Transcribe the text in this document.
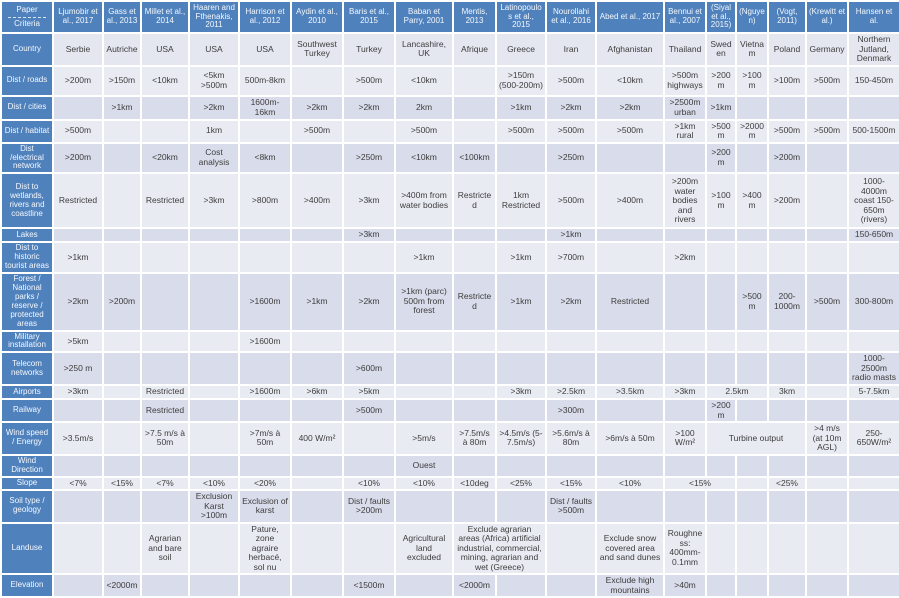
Paper
Criteria	Ljumobir et al., 2017	Gass et al., 2013	Millet et al., 2014	Haaren and Fthenakis, 2011	Harrison et al., 2012	Aydin et al., 2010	Baris et al., 2015	Baban et Parry, 2001	Mentis, 2013	Latinopoulos et al., 2015	Nourollahi et al., 2016	Abed et al., 2017	Bennui et al., 2007	(Siyal et al., 2015)	(Nguyen)	(Vogt, 2011)	(Krewitt et al.)	Hansen et al.
Country	Serbie	Autriche	USA	USA	USA	Southwest Turkey	Turkey	Lancashire, UK	Afrique	Greece	Iran	Afghanistan	Thailand	Sweden	Vietnam	Poland	Germany	Northern Jutland, Denmark
Dist / roads	>200m	>150m	<10km	<5km >500m	500m-8km		>500m	<10km		>150m (500-200m)	>500m	<10km	>500m highways	>200 m	>100m	>100m	>500m	150-450m
Dist / cities		>1km		>2km	1600m-16km	>2km	>2km	2km		>1km	>2km	>2km	>2500m urban	>1km				
Dist / habitat	>500m			1km		>500m		>500m		>500m	>500m	>500m	>1km rural	>500 m	>2000m	>500m	>500m	500-1500m
Dist /electrical network	>200m		<20km	Cost analysis	<8km		>250m	<10km	<100km		>250m			>200 m		>200m		
Dist to wetlands, rivers and coastline	Restricted		Restricted	>3km	>800m	>400m	>3km	>400m from water bodies	Restricted	1km Restricted	>500m	>400m	>200m water bodies and rivers	>100 m	>400m	>200m		1000-4000m coast 150-650m (rivers)
Lakes							>3km				>1km							150-650m
Dist to historic tourist areas	>1km							>1km		>1km	>700m		>2km					
Forest / National parks / reserve / protected areas	>2km	>200m			>1600m	>1km	>2km	>1km (parc) 500m from forest	Restricted	>1km	>2km	Restricted			>500m	200-1000m	>500m	300-800m
Military installation	>5km				>1600m													
Telecom networks	>250 m						>600m											1000-2500m radio masts
Airports	>3km		Restricted		>1600m	>6km	>5km			>3km	>2.5km	>3.5km	>3km	2.5km		3km		5-7.5km
Railway			Restricted				>500m				>300m			>200 m				
Wind speed / Energy	>3.5m/s		>7.5 m/s à 50m		>7m/s à 50m	400 W/m²		>5m/s	>7.5m/s à 80m	>4.5m/s (5-7.5m/s)	>5.6m/s à 80m	>6m/s à 50m	>100 W/m²	Turbine output			>4 m/s (at 10m AGL)	250-650W/m²
Wind Direction								Ouest										
Slope	<7%	<15%	<7%	<10%	<20%		<10%	<10%	<10deg	<25%	<15%	<10%	<15%			<25%		
Soil type / geology				Exclusion Karst >100m	Exclusion of karst		Dist / faults >200m				Dist / faults >500m							
Landuse			Agrarian and bare soil		Pature, zone agraire herbacé, sol nu			Agricultural land excluded	Exclude agrarian areas (Africa) artificial industrial, commercial, mining, agrarian and wet (Greece)			Exclude snow covered area and sand dunes	Roughness: 400mm-0.1mm					
Elevation		<2000m					<1500m		<2000m			Exclude high mountains	>40m					
